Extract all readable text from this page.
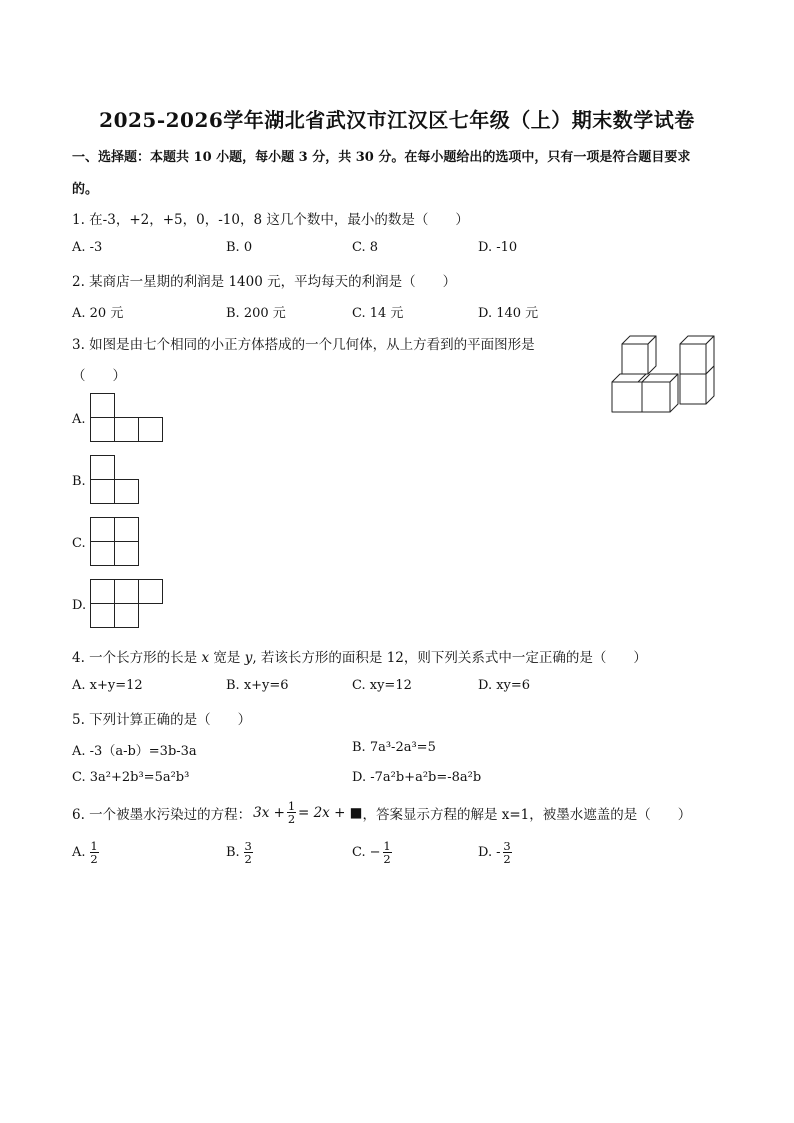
2025-2026学年湖北省武汉市江汉区七年级（上）期末数学试卷
一、选择题：本题共 10 小题，每小题 3 分，共 30 分。在每小题给出的选项中，只有一项是符合题目要求
的。
1. 在-3，+2，+5，0，-10，8 这几个数中，最小的数是（　　）
A. -3	B. 0	C. 8	D. -10
2. 某商店一星期的利润是 1400 元，平均每天的利润是（　　）
A. 20 元	B. 200 元	C. 14 元	D. 140 元
3. 如图是由七个相同的小正方体搭成的一个几何体，从上方看到的平面图形是
（　　）
A.
B.
C.
D.
4. 一个长方形的长是 x 宽是 y, 若该长方形的面积是 12，则下列关系式中一定正确的是（　　）
A. x+y=12	B. x+y=6	C. xy=12	D. xy=6
5. 下列计算正确的是（　　）
A. -3（a-b）=3b-3a	B. 7a³-2a³=5
C. 3a²+2b³=5a²b³	D. -7a²b+a²b=-8a²b
6. 一个被墨水污染过的方程： $3x + \frac{1}{2} = 2x$ + ■ ，答案显示方程的解是 x=1，被墨水遮盖的是（　　）
A. $\frac{1}{2}$	B. $\frac{3}{2}$	C. − $\frac{1}{2}$	D. - $\frac{3}{2}$
